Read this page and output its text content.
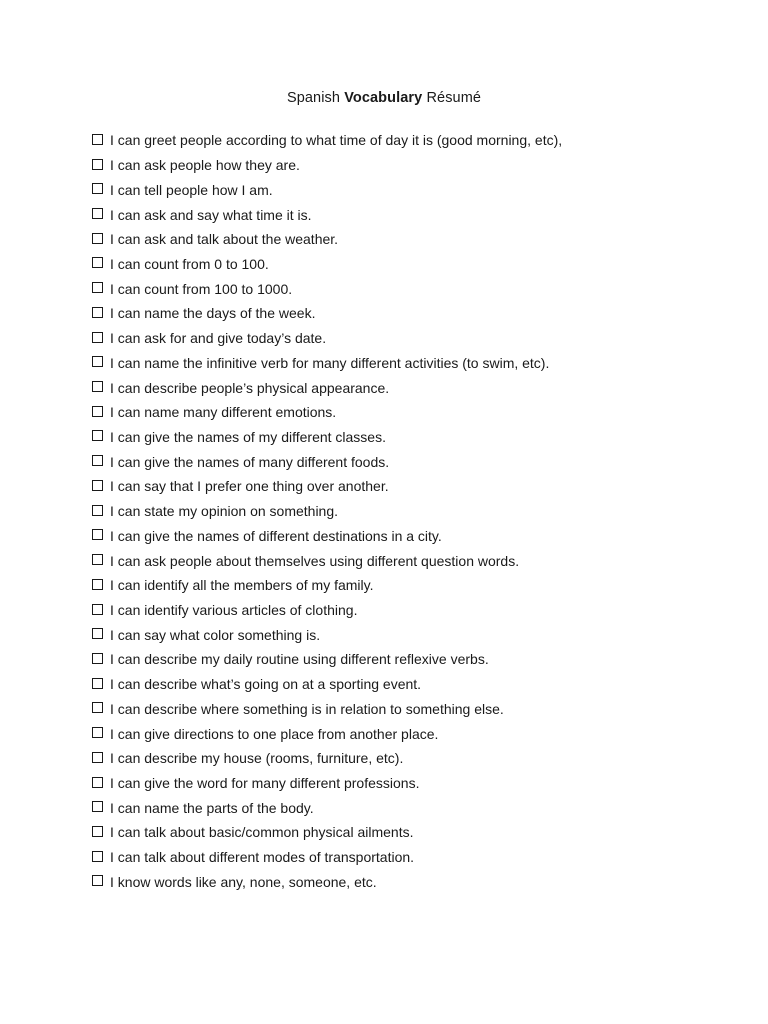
Spanish Vocabulary Résumé
I can greet people according to what time of day it is (good morning, etc),
I can ask people how they are.
I can tell people how I am.
I can ask and say what time it is.
I can ask and talk about the weather.
I can count from 0 to 100.
I can count from 100 to 1000.
I can name the days of the week.
I can ask for and give today’s date.
I can name the infinitive verb for many different activities (to swim, etc).
I can describe people’s physical appearance.
I can name many different emotions.
I can give the names of my different classes.
I can give the names of many different foods.
I can say that I prefer one thing over another.
I can state my opinion on something.
I can give the names of different destinations in a city.
I can ask people about themselves using different question words.
I can identify all the members of my family.
I can identify various articles of clothing.
I can say what color something is.
I can describe my daily routine using different reflexive verbs.
I can describe what’s going on at a sporting event.
I can describe where something is in relation to something else.
I can give directions to one place from another place.
I can describe my house (rooms, furniture, etc).
I can give the word for many different professions.
I can name the parts of the body.
I can talk about basic/common physical ailments.
I can talk about different modes of transportation.
I know words like any, none, someone, etc.
